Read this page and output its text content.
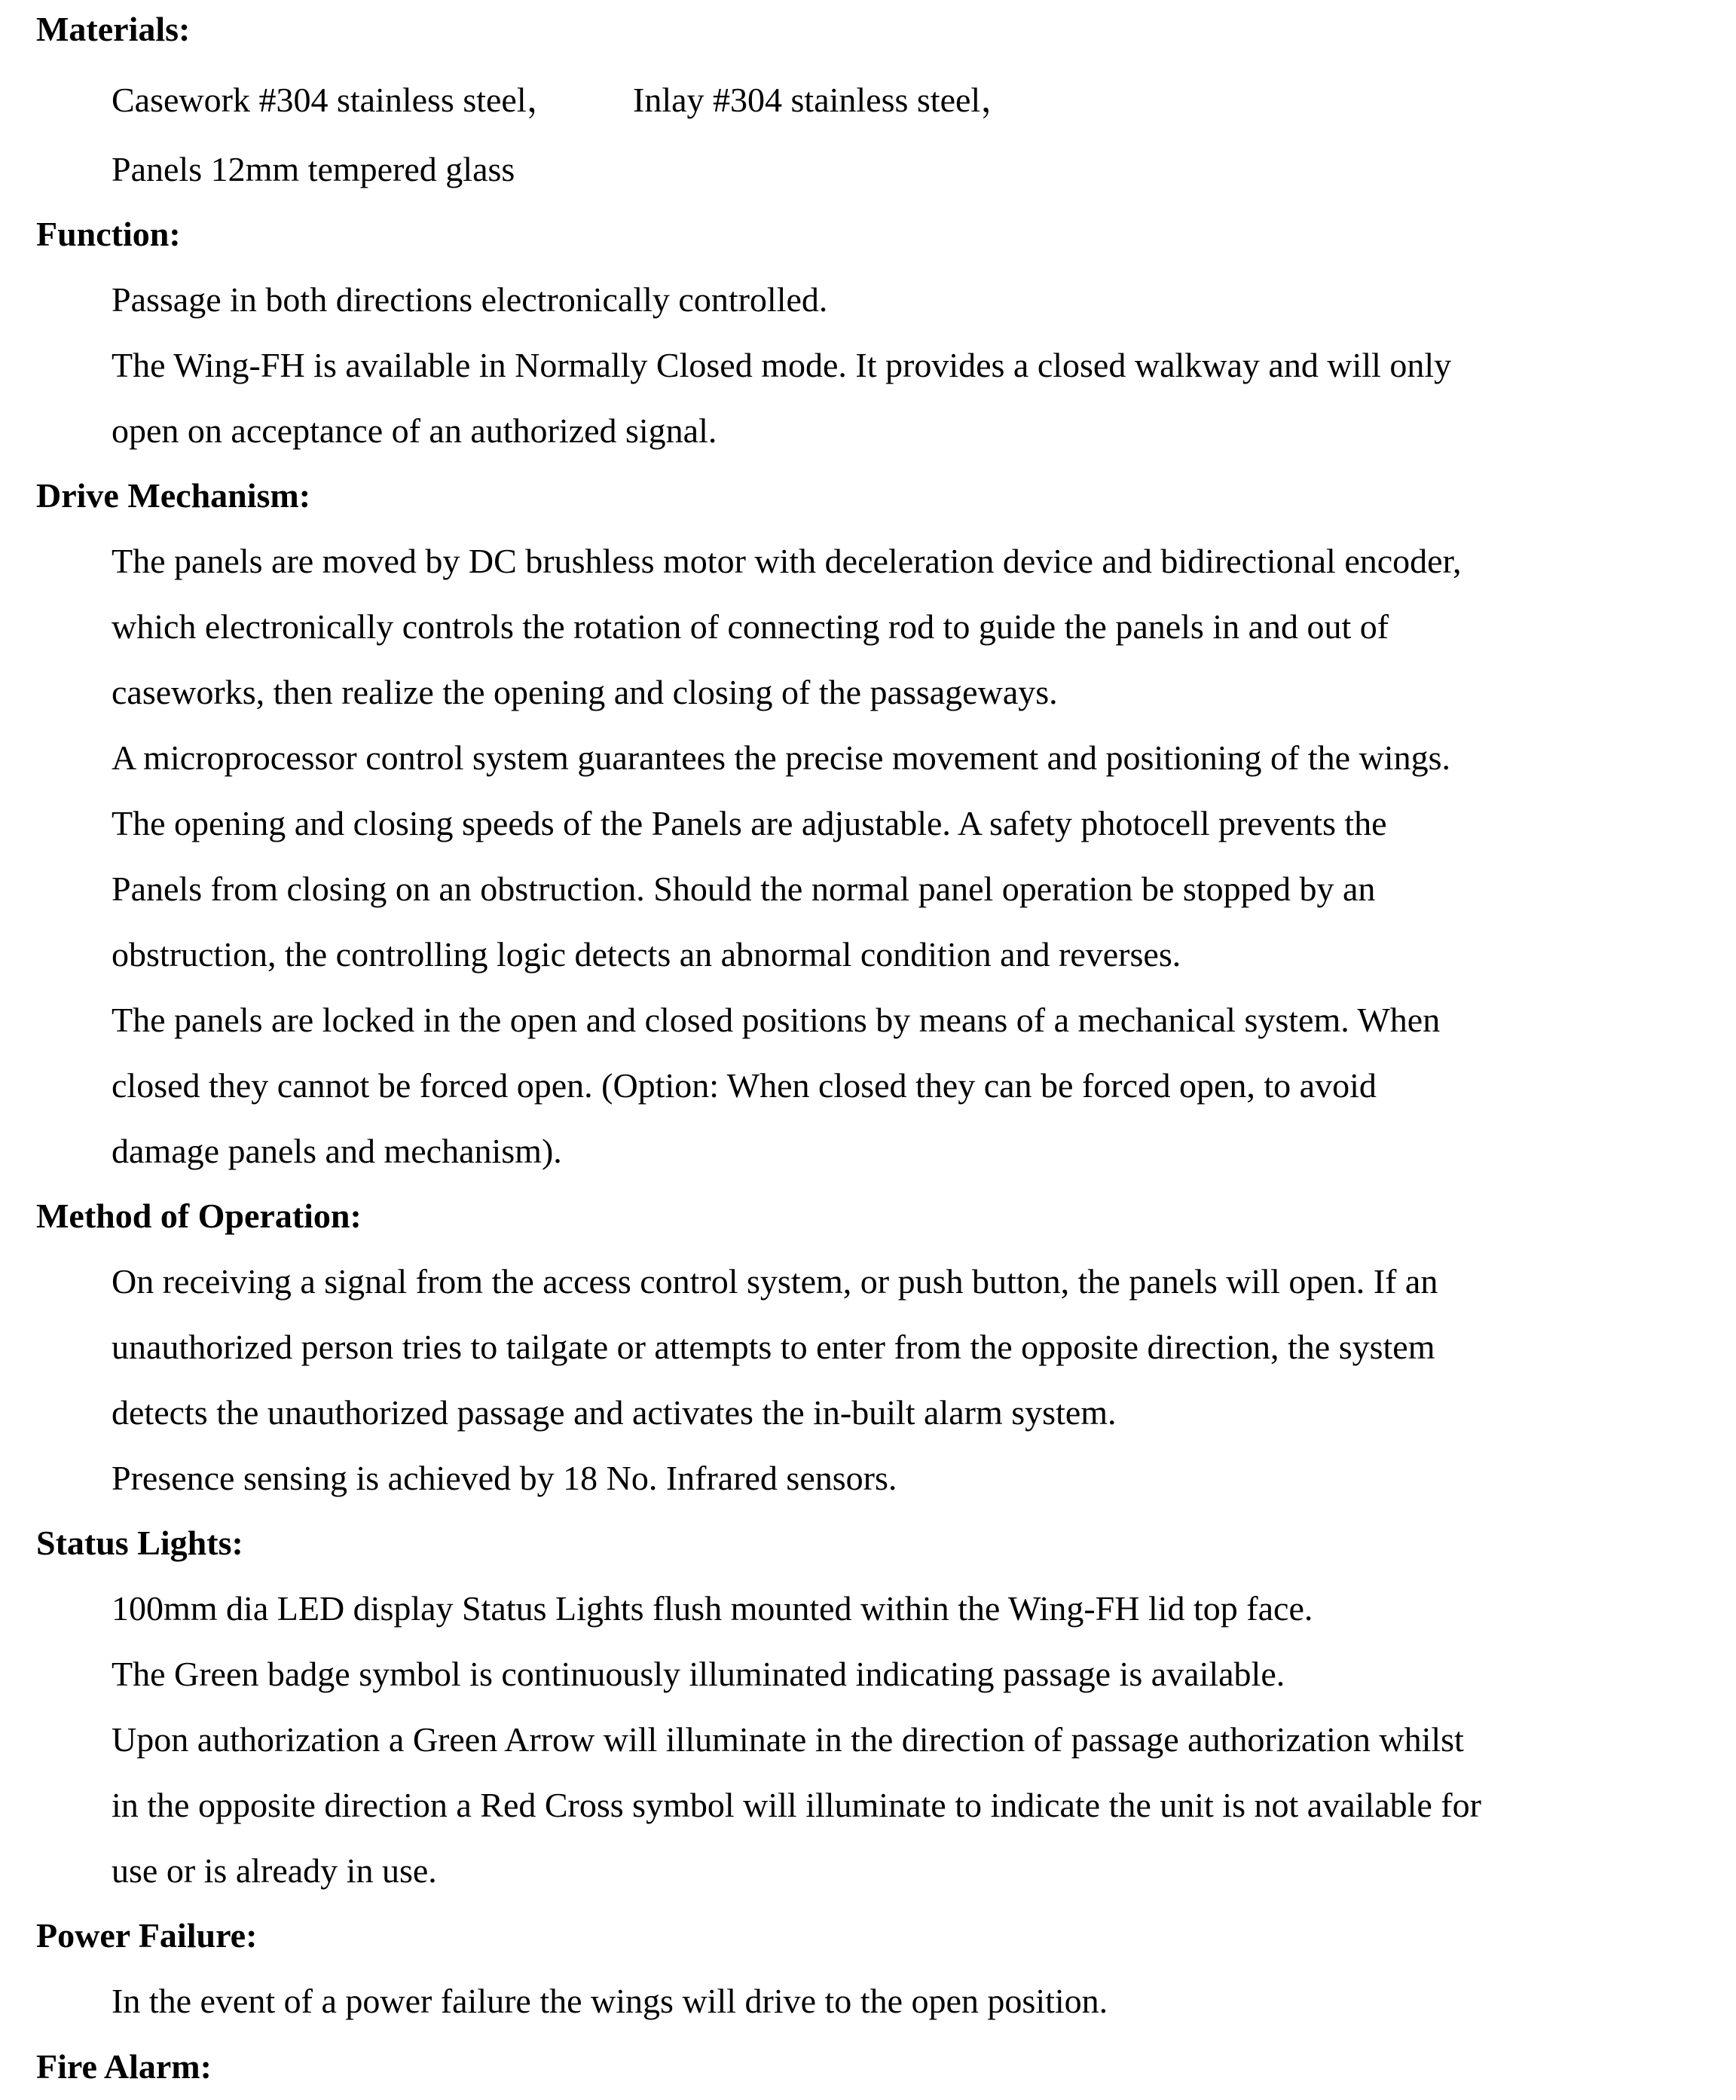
Materials:
Casework #304 stainless steel， Inlay #304 stainless steel，
Panels 12mm tempered glass
Function:
Passage in both directions electronically controlled.
The Wing-FH is available in Normally Closed mode. It provides a closed walkway and will only
open on acceptance of an authorized signal.
Drive Mechanism:
The panels are moved by DC brushless motor with deceleration device and bidirectional encoder,
which electronically controls the rotation of connecting rod to guide the panels in and out of
caseworks, then realize the opening and closing of the passageways.
A microprocessor control system guarantees the precise movement and positioning of the wings.
The opening and closing speeds of the Panels are adjustable. A safety photocell prevents the
Panels from closing on an obstruction. Should the normal panel operation be stopped by an
obstruction, the controlling logic detects an abnormal condition and reverses.
The panels are locked in the open and closed positions by means of a mechanical system. When
closed they cannot be forced open. (Option: When closed they can be forced open, to avoid
damage panels and mechanism).
Method of Operation:
On receiving a signal from the access control system, or push button, the panels will open. If an
unauthorized person tries to tailgate or attempts to enter from the opposite direction, the system
detects the unauthorized passage and activates the in-built alarm system.
Presence sensing is achieved by 18 No. Infrared sensors.
Status Lights:
100mm dia LED display Status Lights flush mounted within the Wing-FH lid top face.
The Green badge symbol is continuously illuminated indicating passage is available.
Upon authorization a Green Arrow will illuminate in the direction of passage authorization whilst
in the opposite direction a Red Cross symbol will illuminate to indicate the unit is not available for
use or is already in use.
Power Failure:
In the event of a power failure the wings will drive to the open position.
Fire Alarm:
